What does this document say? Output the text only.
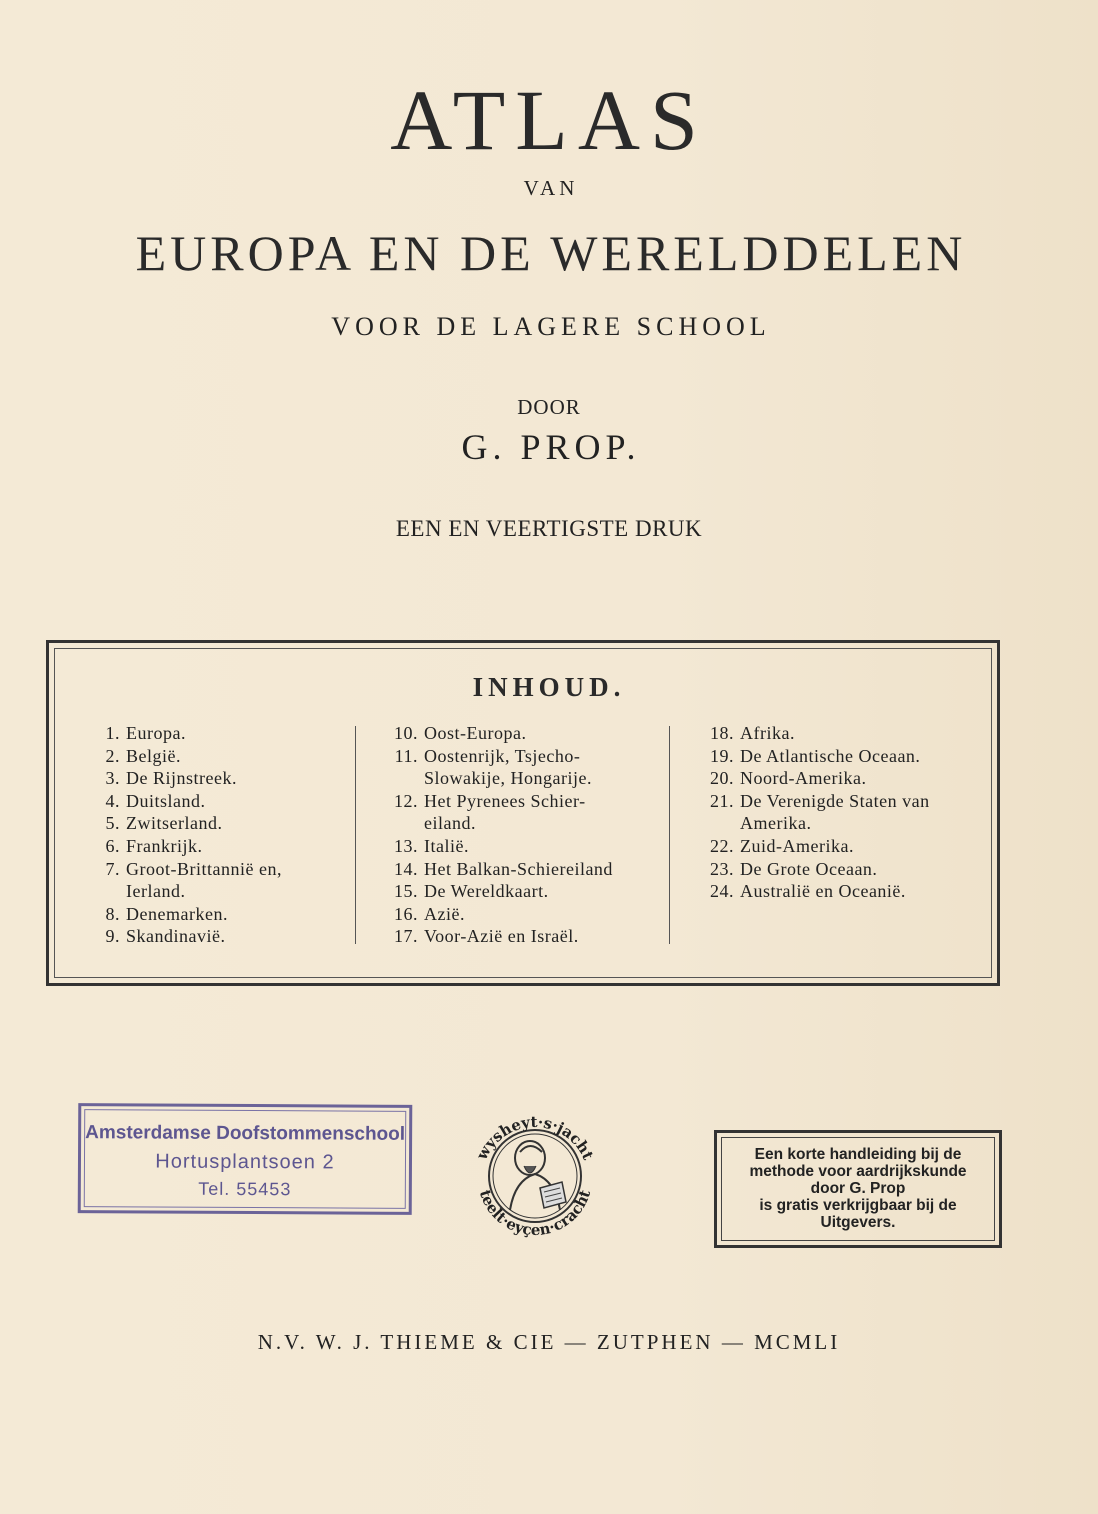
ATLAS
VAN
EUROPA EN DE WERELDDELEN
VOOR DE LAGERE SCHOOL
DOOR
G. PROP.
EEN EN VEERTIGSTE DRUK
INHOUD.
1. Europa.
2. België.
3. De Rijnstreek.
4. Duitsland.
5. Zwitserland.
6. Frankrijk.
7. Groot-Brittannië en,
Ierland.
8. Denemarken.
9. Skandinavië.
10. Oost-Europa.
11. Oostenrijk, Tsjecho-
Slowakije, Hongarije.
12. Het Pyrenees Schier-
eiland.
13. Italië.
14. Het Balkan-Schiereiland
15. De Wereldkaart.
16. Azië.
17. Voor-Azië en Israël.
18. Afrika.
19. De Atlantische Oceaan.
20. Noord-Amerika.
21. De Verenigde Staten van
Amerika.
22. Zuid-Amerika.
23. De Grote Oceaan.
24. Australië en Oceanië.
Amsterdamse Doofstommenschool
Hortusplantsoen 2
Tel. 55453
wysheyt·s·jacht
teelt·eyçen·cracht
Een korte handleiding bij de
methode voor aardrijkskunde
door G. Prop
is gratis verkrijgbaar bij de
Uitgevers.
N.V. W. J. THIEME & CIE — ZUTPHEN — MCMLI
